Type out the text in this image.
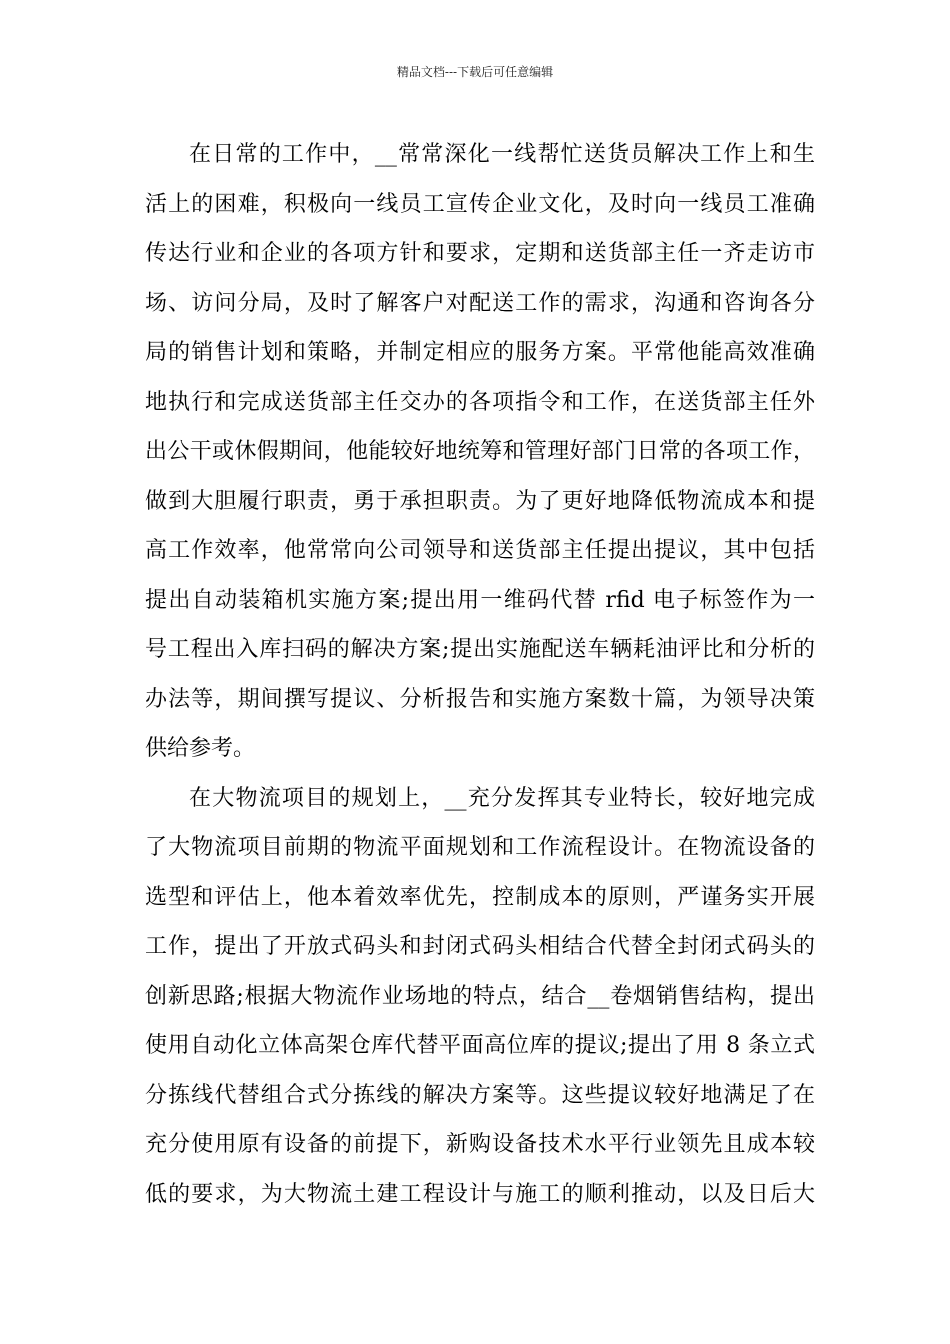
精品文档---下载后可任意编辑
在日常的工作中，__常常深化一线帮忙送货员解决工作上和生
活上的困难，积极向一线员工宣传企业文化，及时向一线员工准确
传达行业和企业的各项方针和要求，定期和送货部主任一齐走访市
场、访问分局，及时了解客户对配送工作的需求，沟通和咨询各分
局的销售计划和策略，并制定相应的服务方案。平常他能高效准确
地执行和完成送货部主任交办的各项指令和工作，在送货部主任外
出公干或休假期间，他能较好地统筹和管理好部门日常的各项工作，
做到大胆履行职责，勇于承担职责。为了更好地降低物流成本和提
高工作效率，他常常向公司领导和送货部主任提出提议，其中包括
提出自动装箱机实施方案;提出用一维码代替 rfid 电子标签作为一
号工程出入库扫码的解决方案;提出实施配送车辆耗油评比和分析的
办法等，期间撰写提议、分析报告和实施方案数十篇，为领导决策
供给参考。
在大物流项目的规划上，__充分发挥其专业特长，较好地完成
了大物流项目前期的物流平面规划和工作流程设计。在物流设备的
选型和评估上，他本着效率优先，控制成本的原则，严谨务实开展
工作，提出了开放式码头和封闭式码头相结合代替全封闭式码头的
创新思路;根据大物流作业场地的特点，结合__卷烟销售结构，提出
使用自动化立体高架仓库代替平面高位库的提议;提出了用 8 条立式
分拣线代替组合式分拣线的解决方案等。这些提议较好地满足了在
充分使用原有设备的前提下，新购设备技术水平行业领先且成本较
低的要求，为大物流土建工程设计与施工的顺利推动，以及日后大
